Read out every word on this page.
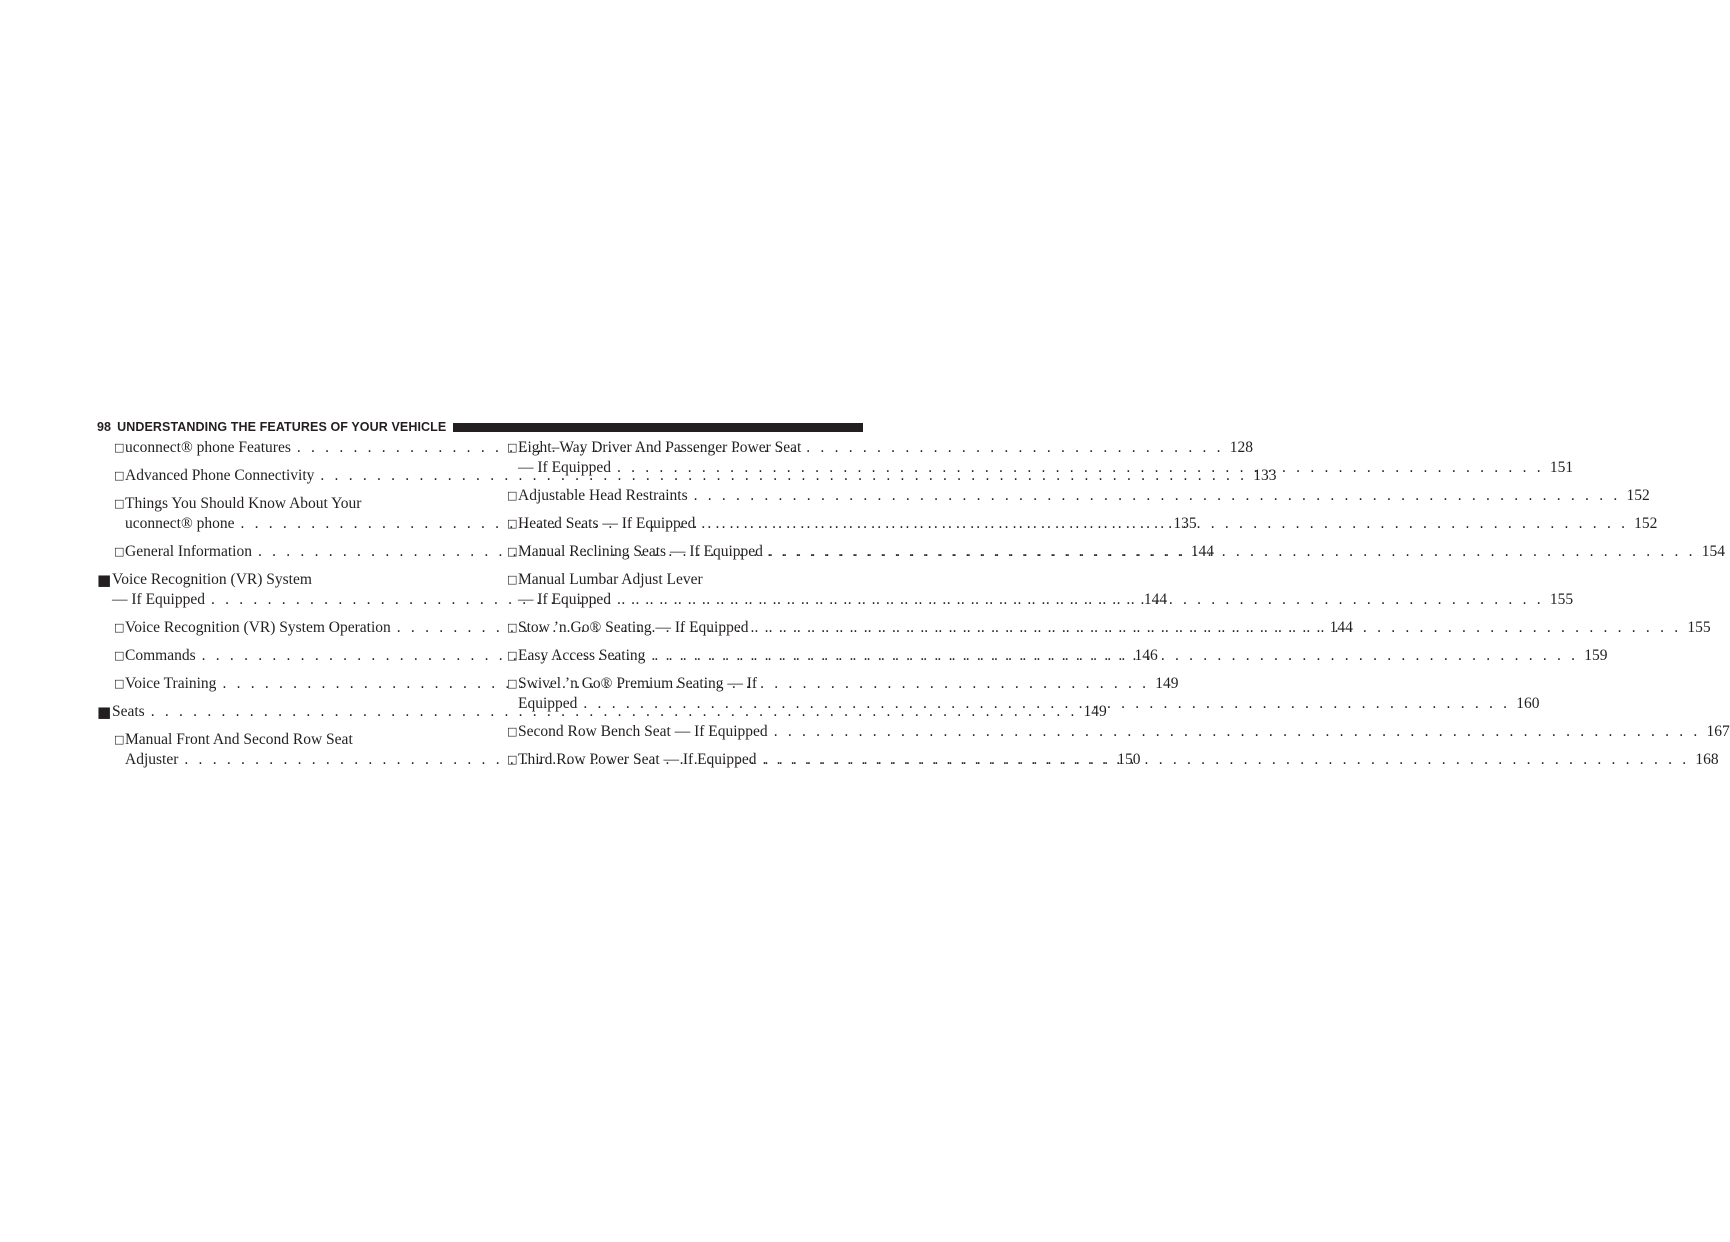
98 UNDERSTANDING THE FEATURES OF YOUR VEHICLE
□ uconnect® phone Features . . .	128
□ Advanced Phone Connectivity . . .	133
□ Things You Should Know About Your
uconnect® phone . . .	135
□ General Information . . .	144
■ Voice Recognition (VR) System
— If Equipped . . .	144
□ Voice Recognition (VR) System Operation . . .	144
□ Commands . . .	146
□ Voice Training . . .	149
■ Seats . . .	149
□ Manual Front And Second Row Seat
Adjuster . . .	150
□ Eight–Way Driver And Passenger Power Seat
— If Equipped . . .	151
□ Adjustable Head Restraints . . .	152
□ Heated Seats — If Equipped . . .	152
□ Manual Reclining Seats — If Equipped . . .	154
□ Manual Lumbar Adjust Lever
— If Equipped . . .	155
□ Stow ’n Go® Seating — If Equipped . . .	155
□ Easy Access Seating . . .	159
□ Swivel ’n Go® Premium Seating — If
Equipped . . .	160
□ Second Row Bench Seat — If Equipped . . .	167
□ Third Row Power Seat — If Equipped . . .	168
